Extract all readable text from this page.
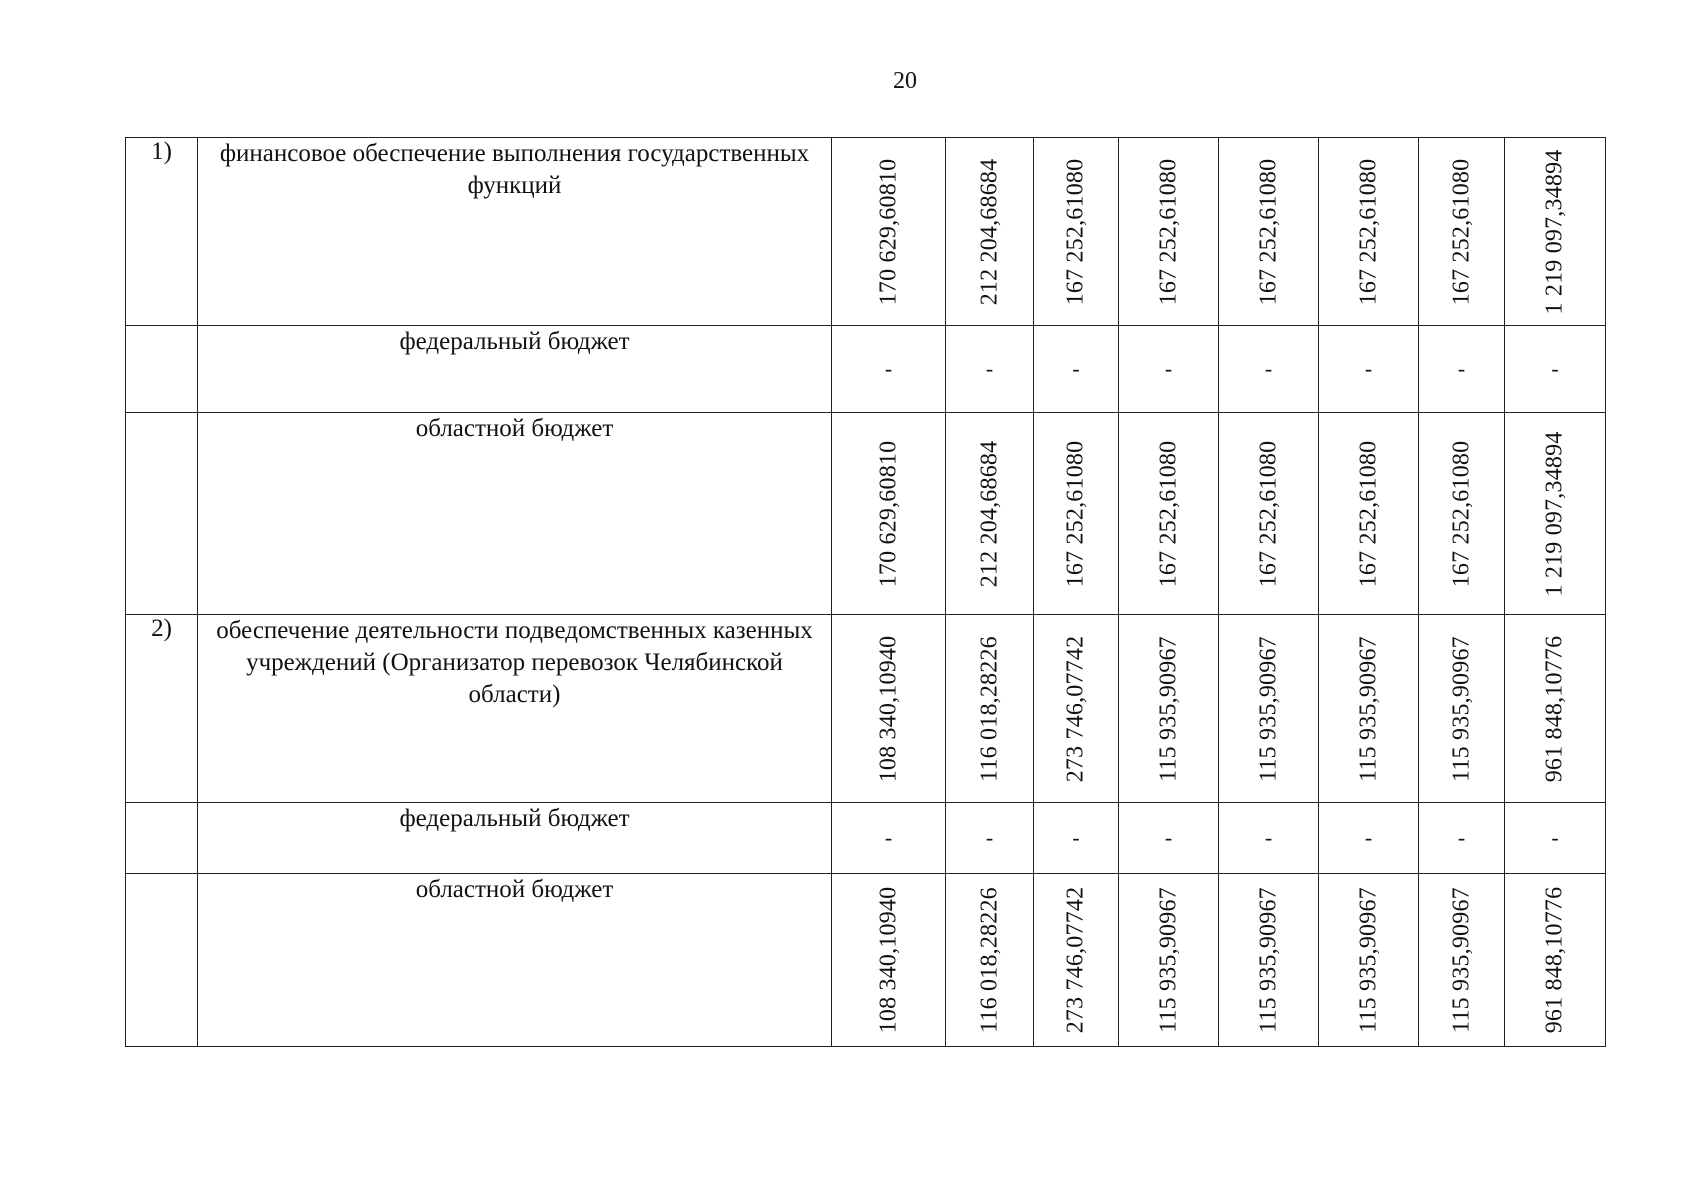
20
1)	финансовое обеспечение выполнения государственных функций	170 629,60810	212 204,68684	167 252,61080	167 252,61080	167 252,61080	167 252,61080	167 252,61080	1 219 097,34894

	федеральный бюджет	-	-	-	-	-	-	-	-

	областной бюджет	170 629,60810	212 204,68684	167 252,61080	167 252,61080	167 252,61080	167 252,61080	167 252,61080	1 219 097,34894

2)	обеспечение деятельности подведомственных казенных учреждений (Организатор перевозок Челябинской области)	108 340,10940	116 018,28226	273 746,07742	115 935,90967	115 935,90967	115 935,90967	115 935,90967	961 848,10776

	федеральный бюджет	-	-	-	-	-	-	-	-

	областной бюджет	108 340,10940	116 018,28226	273 746,07742	115 935,90967	115 935,90967	115 935,90967	115 935,90967	961 848,10776
